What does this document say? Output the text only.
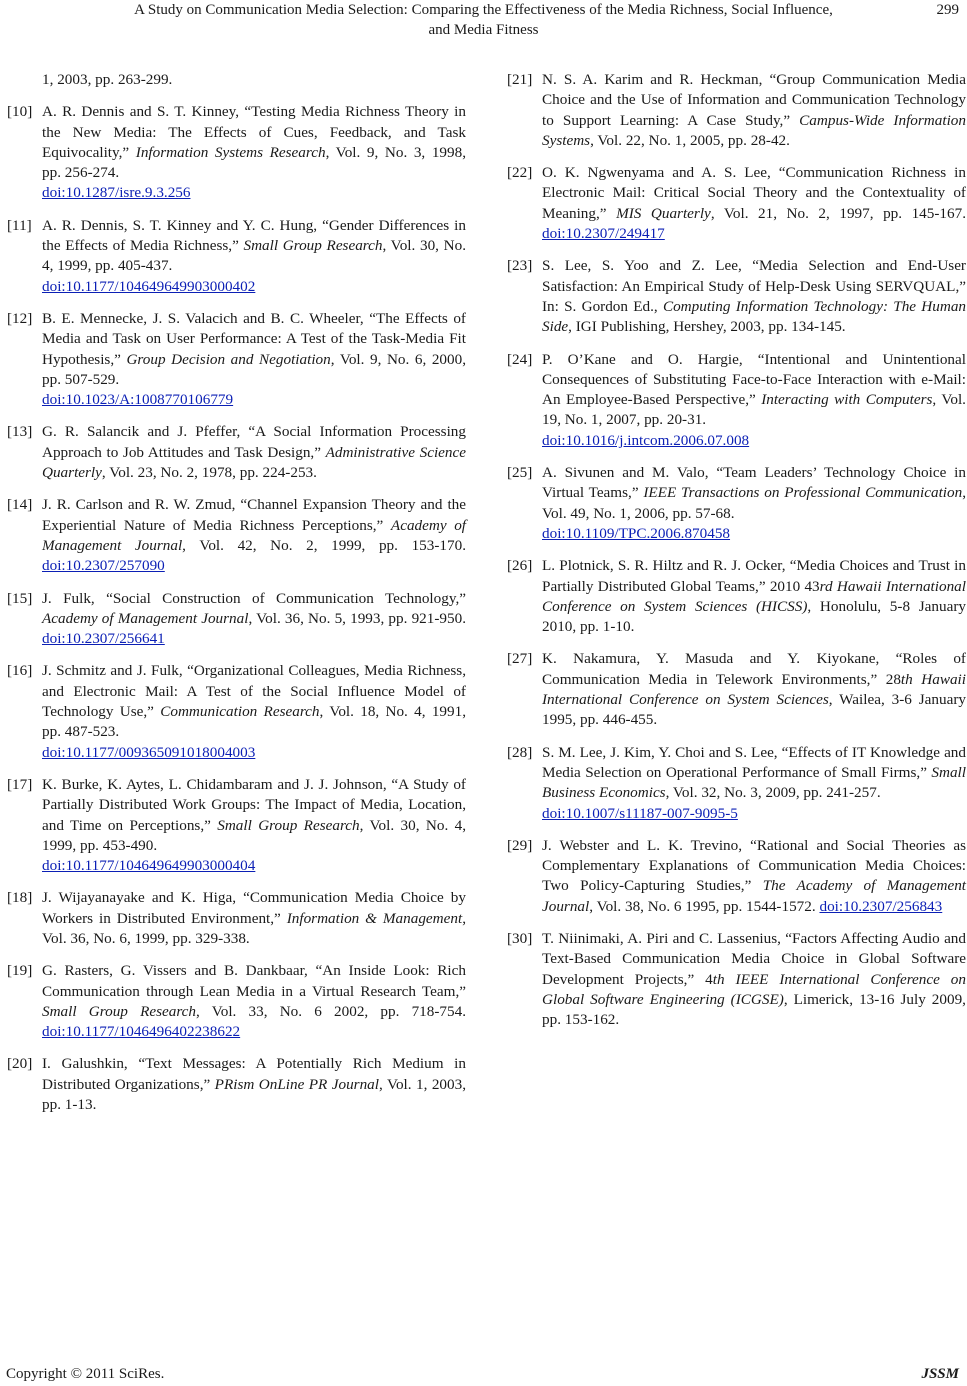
A Study on Communication Media Selection: Comparing the Effectiveness of the Media Richness, Social Influence,
and Media Fitness
299
1, 2003, pp. 263-299.
[10] A. R. Dennis and S. T. Kinney, “Testing Media Richness Theory in the New Media: The Effects of Cues, Feedback, and Task Equivocality,” Information Systems Research, Vol. 9, No. 3, 1998, pp. 256-274.
doi:10.1287/isre.9.3.256
[11] A. R. Dennis, S. T. Kinney and Y. C. Hung, “Gender Differences in the Effects of Media Richness,” Small Group Research, Vol. 30, No. 4, 1999, pp. 405-437.
doi:10.1177/104649649903000402
[12] B. E. Mennecke, J. S. Valacich and B. C. Wheeler, “The Effects of Media and Task on User Performance: A Test of the Task-Media Fit Hypothesis,” Group Decision and Negotiation, Vol. 9, No. 6, 2000, pp. 507-529.
doi:10.1023/A:1008770106779
[13] G. R. Salancik and J. Pfeffer, “A Social Information Processing Approach to Job Attitudes and Task Design,” Administrative Science Quarterly, Vol. 23, No. 2, 1978, pp. 224-253.
[14] J. R. Carlson and R. W. Zmud, “Channel Expansion Theory and the Experiential Nature of Media Richness Perceptions,” Academy of Management Journal, Vol. 42, No. 2, 1999, pp. 153-170. doi:10.2307/257090
[15] J. Fulk, “Social Construction of Communication Technology,” Academy of Management Journal, Vol. 36, No. 5, 1993, pp. 921-950. doi:10.2307/256641
[16] J. Schmitz and J. Fulk, “Organizational Colleagues, Media Richness, and Electronic Mail: A Test of the Social Influence Model of Technology Use,” Communication Research, Vol. 18, No. 4, 1991, pp. 487-523.
doi:10.1177/009365091018004003
[17] K. Burke, K. Aytes, L. Chidambaram and J. J. Johnson, “A Study of Partially Distributed Work Groups: The Impact of Media, Location, and Time on Perceptions,” Small Group Research, Vol. 30, No. 4, 1999, pp. 453-490.
doi:10.1177/104649649903000404
[18] J. Wijayanayake and K. Higa, “Communication Media Choice by Workers in Distributed Environment,” Information & Management, Vol. 36, No. 6, 1999, pp. 329-338.
[19] G. Rasters, G. Vissers and B. Dankbaar, “An Inside Look: Rich Communication through Lean Media in a Virtual Research Team,” Small Group Research, Vol. 33, No. 6 2002, pp. 718-754. doi:10.1177/1046496402238622
[20] I. Galushkin, “Text Messages: A Potentially Rich Medium in Distributed Organizations,” PRism OnLine PR Journal, Vol. 1, 2003, pp. 1-13.
[21] N. S. A. Karim and R. Heckman, “Group Communication Media Choice and the Use of Information and Communication Technology to Support Learning: A Case Study,” Campus-Wide Information Systems, Vol. 22, No. 1, 2005, pp. 28-42.
[22] O. K. Ngwenyama and A. S. Lee, “Communication Richness in Electronic Mail: Critical Social Theory and the Contextuality of Meaning,” MIS Quarterly, Vol. 21, No. 2, 1997, pp. 145-167. doi:10.2307/249417
[23] S. Lee, S. Yoo and Z. Lee, “Media Selection and End-User Satisfaction: An Empirical Study of Help-Desk Using SERVQUAL,” In: S. Gordon Ed., Computing Information Technology: The Human Side, IGI Publishing, Hershey, 2003, pp. 134-145.
[24] P. O’Kane and O. Hargie, “Intentional and Unintentional Consequences of Substituting Face-to-Face Interaction with e-Mail: An Employee-Based Perspective,” Interacting with Computers, Vol. 19, No. 1, 2007, pp. 20-31.
doi:10.1016/j.intcom.2006.07.008
[25] A. Sivunen and M. Valo, “Team Leaders’ Technology Choice in Virtual Teams,” IEEE Transactions on Professional Communication, Vol. 49, No. 1, 2006, pp. 57-68.
doi:10.1109/TPC.2006.870458
[26] L. Plotnick, S. R. Hiltz and R. J. Ocker, “Media Choices and Trust in Partially Distributed Global Teams,” 2010 43rd Hawaii International Conference on System Sciences (HICSS), Honolulu, 5-8 January 2010, pp. 1-10.
[27] K. Nakamura, Y. Masuda and Y. Kiyokane, “Roles of Communication Media in Telework Environments,” 28th Hawaii International Conference on System Sciences, Wailea, 3-6 January 1995, pp. 446-455.
[28] S. M. Lee, J. Kim, Y. Choi and S. Lee, “Effects of IT Knowledge and Media Selection on Operational Performance of Small Firms,” Small Business Economics, Vol. 32, No. 3, 2009, pp. 241-257.
doi:10.1007/s11187-007-9095-5
[29] J. Webster and L. K. Trevino, “Rational and Social Theories as Complementary Explanations of Communication Media Choices: Two Policy-Capturing Studies,” The Academy of Management Journal, Vol. 38, No. 6 1995, pp. 1544-1572. doi:10.2307/256843
[30] T. Niinimaki, A. Piri and C. Lassenius, “Factors Affecting Audio and Text-Based Communication Media Choice in Global Software Development Projects,” 4th IEEE International Conference on Global Software Engineering (ICGSE), Limerick, 13-16 July 2009, pp. 153-162.
Copyright © 2011 SciRes.	JSSM
